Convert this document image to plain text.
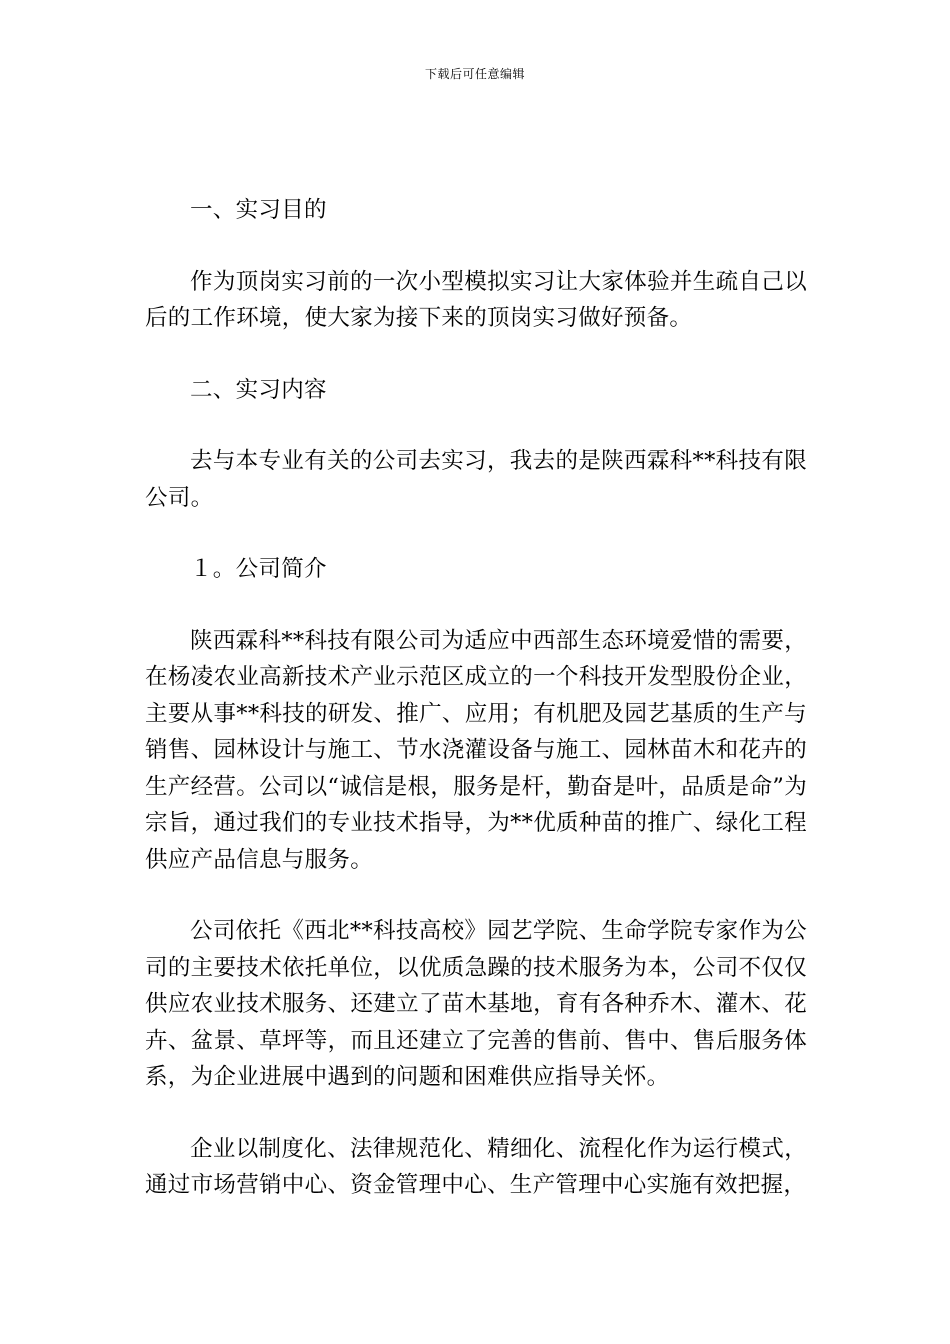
下载后可任意编辑

一、实习目的

作为顶岗实习前的一次小型模拟实习让大家体验并生疏自己以后的工作环境，使大家为接下来的顶岗实习做好预备。

二、实习内容

去与本专业有关的公司去实习，我去的是陕西霖科**科技有限公司。

１。公司简介

陕西霖科**科技有限公司为适应中西部生态环境爱惜的需要，在杨凌农业高新技术产业示范区成立的一个科技开发型股份企业，主要从事**科技的研发、推广、应用；有机肥及园艺基质的生产与销售、园林设计与施工、节水浇灌设备与施工、园林苗木和花卉的生产经营。公司以“诚信是根，服务是杆，勤奋是叶，品质是命”为宗旨，通过我们的专业技术指导，为**优质种苗的推广、绿化工程供应产品信息与服务。

公司依托《西北**科技高校》园艺学院、生命学院专家作为公司的主要技术依托单位，以优质急躁的技术服务为本，公司不仅仅供应农业技术服务、还建立了苗木基地，育有各种乔木、灌木、花卉、盆景、草坪等，而且还建立了完善的售前、售中、售后服务体系，为企业进展中遇到的问题和困难供应指导关怀。

企业以制度化、法律规范化、精细化、流程化作为运行模式，通过市场营销中心、资金管理中心、生产管理中心实施有效把握，
